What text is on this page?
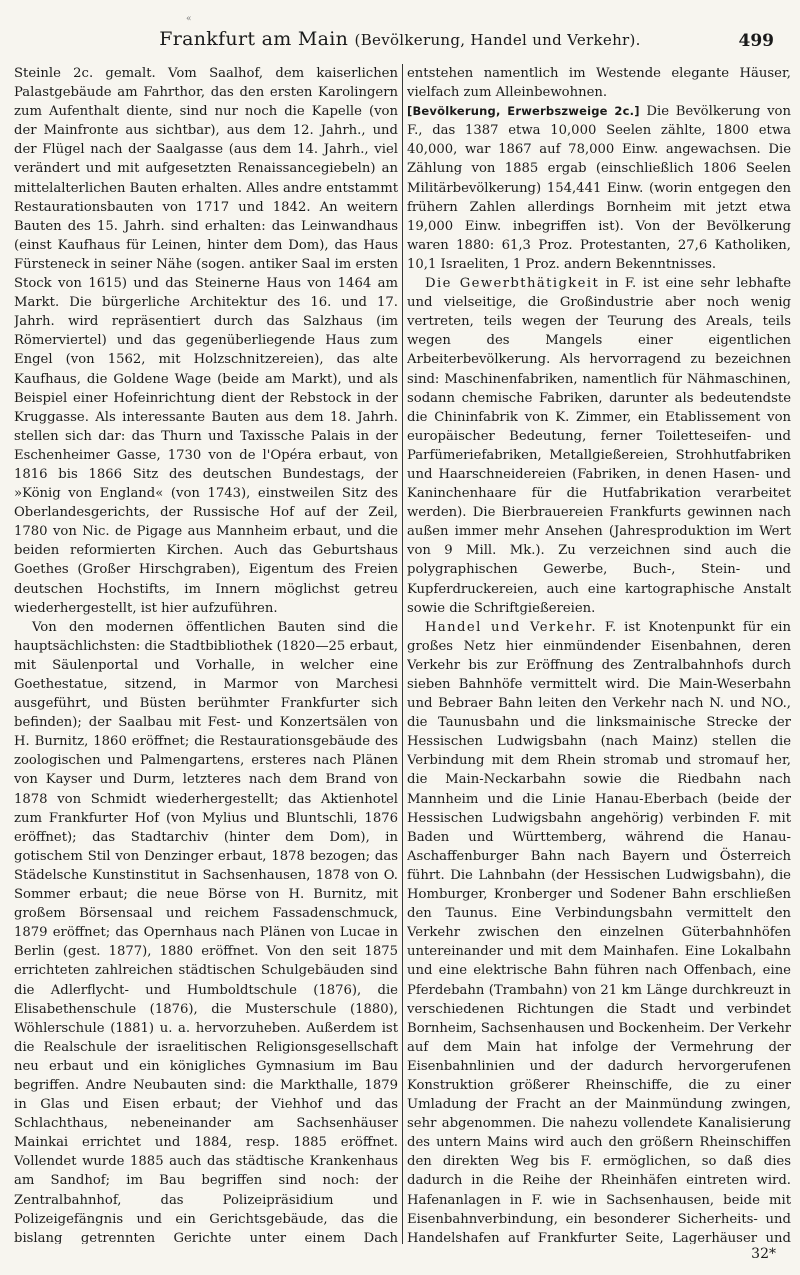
«
Frankfurt am Main (Bevölkerung, Handel und Verkehr).	499

Steinle 2c. gemalt. Vom Saalhof, dem kaiserlichen Palastgebäude am Fahrthor, das den ersten Karolingern zum Aufenthalt diente, sind nur noch die Kapelle (von der Mainfronte aus sichtbar), aus dem 12. Jahrh., und der Flügel nach der Saalgasse (aus dem 14. Jahrh., viel verändert und mit aufgesetzten Renaissancegiebeln) an mittelalterlichen Bauten erhalten. Alles andre entstammt Restaurationsbauten von 1717 und 1842. An weitern Bauten des 15. Jahrh. sind erhalten: das Leinwandhaus (einst Kaufhaus für Leinen, hinter dem Dom), das Haus Fürsteneck in seiner Nähe (sogen. antiker Saal im ersten Stock von 1615) und das Steinerne Haus von 1464 am Markt. Die bürgerliche Architektur des 16. und 17. Jahrh. wird repräsentiert durch das Salzhaus (im Römerviertel) und das gegenüberliegende Haus zum Engel (von 1562, mit Holzschnitzereien), das alte Kaufhaus, die Goldene Wage (beide am Markt), und als Beispiel einer Hofeinrichtung dient der Rebstock in der Kruggasse. Als interessante Bauten aus dem 18. Jahrh. stellen sich dar: das Thurn und Taxissche Palais in der Eschenheimer Gasse, 1730 von de l'Opéra erbaut, von 1816 bis 1866 Sitz des deutschen Bundestags, der »König von England« (von 1743), einstweilen Sitz des Oberlandesgerichts, der Russische Hof auf der Zeil, 1780 von Nic. de Pigage aus Mannheim erbaut, und die beiden reformierten Kirchen. Auch das Geburtshaus Goethes (Großer Hirschgraben), Eigentum des Freien deutschen Hochstifts, im Innern möglichst getreu wiederhergestellt, ist hier aufzuführen.

Von den modernen öffentlichen Bauten sind die hauptsächlichsten: die Stadtbibliothek (1820—25 erbaut, mit Säulenportal und Vorhalle, in welcher eine Goethestatue, sitzend, in Marmor von Marchesi ausgeführt, und Büsten berühmter Frankfurter sich befinden); der Saalbau mit Fest- und Konzertsälen von H. Burnitz, 1860 eröffnet; die Restaurationsgebäude des zoologischen und Palmengartens, ersteres nach Plänen von Kayser und Durm, letzteres nach dem Brand von 1878 von Schmidt wiederhergestellt; das Aktienhotel zum Frankfurter Hof (von Mylius und Bluntschli, 1876 eröffnet); das Stadtarchiv (hinter dem Dom), in gotischem Stil von Denzinger erbaut, 1878 bezogen; das Städelsche Kunstinstitut in Sachsenhausen, 1878 von O. Sommer erbaut; die neue Börse von H. Burnitz, mit großem Börsensaal und reichem Fassadenschmuck, 1879 eröffnet; das Opernhaus nach Plänen von Lucae in Berlin (gest. 1877), 1880 eröffnet. Von den seit 1875 errichteten zahlreichen städtischen Schulgebäuden sind die Adlerflycht- und Humboldtschule (1876), die Elisabethenschule (1876), die Musterschule (1880), Wöhlerschule (1881) u. a. hervorzuheben. Außerdem ist die Realschule der israelitischen Religionsgesellschaft neu erbaut und ein königliches Gymnasium im Bau begriffen. Andre Neubauten sind: die Markthalle, 1879 in Glas und Eisen erbaut; der Viehhof und das Schlachthaus, nebeneinander am Sachsenhäuser Mainkai errichtet und 1884, resp. 1885 eröffnet. Vollendet wurde 1885 auch das städtische Krankenhaus am Sandhof; im Bau begriffen sind noch: der Zentralbahnhof, das Polizeipräsidium und Polizeigefängnis und ein Gerichtsgebäude, das die bislang getrennten Gerichte unter einem Dach

entstehen namentlich im Westende elegante Häuser, vielfach zum Alleinbewohnen.

[Bevölkerung, Erwerbszweige 2c.] Die Bevölkerung von F., das 1387 etwa 10,000 Seelen zählte, 1800 etwa 40,000, war 1867 auf 78,000 Einw. angewachsen. Die Zählung von 1885 ergab (einschließlich 1806 Seelen Militärbevölkerung) 154,441 Einw. (worin entgegen den frühern Zahlen allerdings Bornheim mit jetzt etwa 19,000 Einw. inbegriffen ist). Von der Bevölkerung waren 1880: 61,3 Proz. Protestanten, 27,6 Katholiken, 10,1 Israeliten, 1 Proz. andern Bekenntnisses.

Die Gewerbthätigkeit in F. ist eine sehr lebhafte und vielseitige, die Großindustrie aber noch wenig vertreten, teils wegen der Teurung des Areals, teils wegen des Mangels einer eigentlichen Arbeiterbevölkerung. Als hervorragend zu bezeichnen sind: Maschinenfabriken, namentlich für Nähmaschinen, sodann chemische Fabriken, darunter als bedeutendste die Chininfabrik von K. Zimmer, ein Etablissement von europäischer Bedeutung, ferner Toiletteseifen- und Parfümeriefabriken, Metallgießereien, Strohhutfabriken und Haarschneidereien (Fabriken, in denen Hasen- und Kaninchenhaare für die Hutfabrikation verarbeitet werden). Die Bierbrauereien Frankfurts gewinnen nach außen immer mehr Ansehen (Jahresproduktion im Wert von 9 Mill. Mk.). Zu verzeichnen sind auch die polygraphischen Gewerbe, Buch-, Stein- und Kupferdruckereien, auch eine kartographische Anstalt sowie die Schriftgießereien.

Handel und Verkehr. F. ist Knotenpunkt für ein großes Netz hier einmündender Eisenbahnen, deren Verkehr bis zur Eröffnung des Zentralbahnhofs durch sieben Bahnhöfe vermittelt wird. Die Main-Weserbahn und Bebraer Bahn leiten den Verkehr nach N. und NO., die Taunusbahn und die linksmainische Strecke der Hessischen Ludwigsbahn (nach Mainz) stellen die Verbindung mit dem Rhein stromab und stromauf her, die Main-Neckarbahn sowie die Riedbahn nach Mannheim und die Linie Hanau-Eberbach (beide der Hessischen Ludwigsbahn angehörig) verbinden F. mit Baden und Württemberg, während die Hanau-Aschaffenburger Bahn nach Bayern und Österreich führt. Die Lahnbahn (der Hessischen Ludwigsbahn), die Homburger, Kronberger und Sodener Bahn erschließen den Taunus. Eine Verbindungsbahn vermittelt den Verkehr zwischen den einzelnen Güterbahnhöfen untereinander und mit dem Mainhafen. Eine Lokalbahn und eine elektrische Bahn führen nach Offenbach, eine Pferdebahn (Trambahn) von 21 km Länge durchkreuzt in verschiedenen Richtungen die Stadt und verbindet Bornheim, Sachsenhausen und Bockenheim. Der Verkehr auf dem Main hat infolge der Vermehrung der Eisenbahnlinien und der dadurch hervorgerufenen Konstruktion größerer Rheinschiffe, die zu einer Umladung der Fracht an der Mainmündung zwingen, sehr abgenommen. Die nahezu vollendete Kanalisierung des untern Mains wird auch den größern Rheinschiffen den direkten Weg bis F. ermöglichen, so daß dies dadurch in die Reihe der Rheinhäfen eintreten wird. Hafenanlagen in F. wie in Sachsenhausen, beide mit Eisenbahnverbindung, ein besonderer Sicherheits- und Handelshafen auf Frankfurter Seite, Lagerhäuser und

32*
